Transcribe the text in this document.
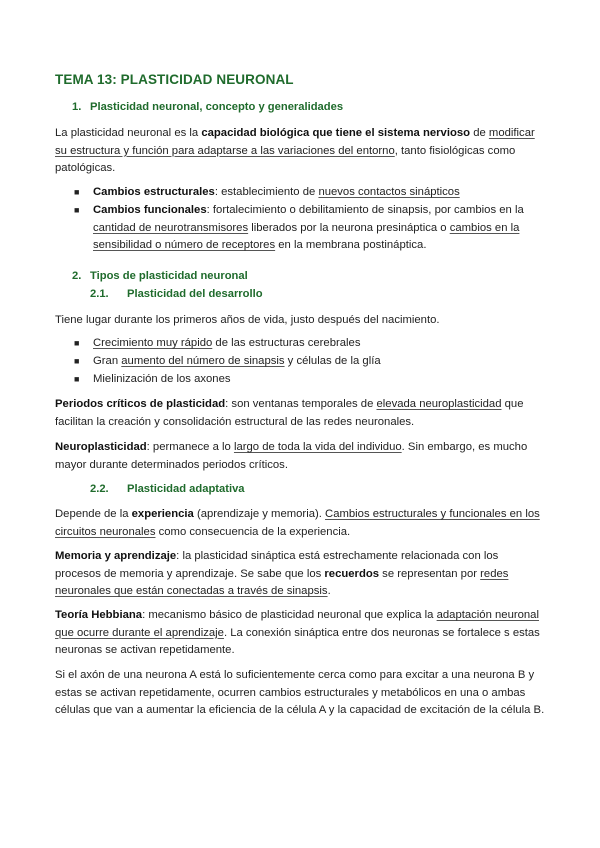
TEMA 13: PLASTICIDAD NEURONAL
1. Plasticidad neuronal, concepto y generalidades
La plasticidad neuronal es la capacidad biológica que tiene el sistema nervioso de modificar su estructura y función para adaptarse a las variaciones del entorno, tanto fisiológicas como patológicas.
■ Cambios estructurales: establecimiento de nuevos contactos sinápticos
■ Cambios funcionales: fortalecimiento o debilitamiento de sinapsis, por cambios en la cantidad de neurotransmisores liberados por la neurona presináptica o cambios en la sensibilidad o número de receptores en la membrana postináptica.
2. Tipos de plasticidad neuronal
2.1. Plasticidad del desarrollo
Tiene lugar durante los primeros años de vida, justo después del nacimiento.
■ Crecimiento muy rápido de las estructuras cerebrales
■ Gran aumento del número de sinapsis y células de la glía
■ Mielinización de los axones
Periodos críticos de plasticidad: son ventanas temporales de elevada neuroplasticidad que facilitan la creación y consolidación estructural de las redes neuronales.
Neuroplasticidad: permanece a lo largo de toda la vida del individuo. Sin embargo, es mucho mayor durante determinados periodos críticos.
2.2. Plasticidad adaptativa
Depende de la experiencia (aprendizaje y memoria). Cambios estructurales y funcionales en los circuitos neuronales como consecuencia de la experiencia.
Memoria y aprendizaje: la plasticidad sináptica está estrechamente relacionada con los procesos de memoria y aprendizaje. Se sabe que los recuerdos se representan por redes neuronales que están conectadas a través de sinapsis.
Teoría Hebbiana: mecanismo básico de plasticidad neuronal que explica la adaptación neuronal que ocurre durante el aprendizaje. La conexión sináptica entre dos neuronas se fortalece s estas neuronas se activan repetidamente.
Si el axón de una neurona A está lo suficientemente cerca como para excitar a una neurona B y estas se activan repetidamente, ocurren cambios estructurales y metabólicos en una o ambas células que van a aumentar la eficiencia de la célula A y la capacidad de excitación de la célula B.
